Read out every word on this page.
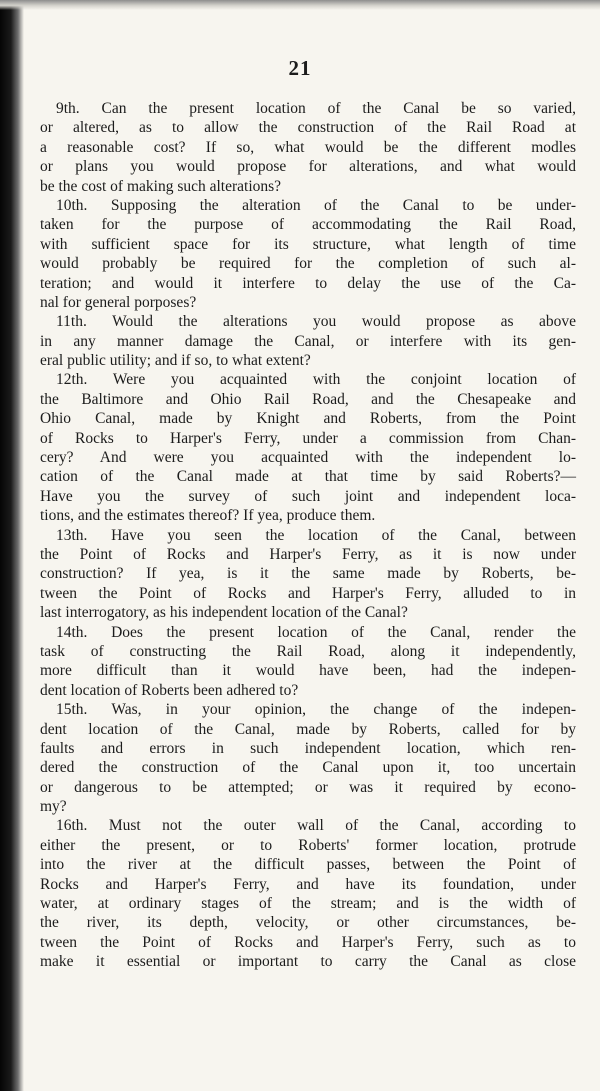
21
9th. Can the present location of the Canal be so varied,
or altered, as to allow the construction of the Rail Road at
a reasonable cost? If so, what would be the different modles
or plans you would propose for alterations, and what would
be the cost of making such alterations?
10th. Supposing the alteration of the Canal to be under-
taken for the purpose of accommodating the Rail Road,
with sufficient space for its structure, what length of time
would probably be required for the completion of such al-
teration; and would it interfere to delay the use of the Ca-
nal for general porposes?
11th. Would the alterations you would propose as above
in any manner damage the Canal, or interfere with its gen-
eral public utility; and if so, to what extent?
12th. Were you acquainted with the conjoint location of
the Baltimore and Ohio Rail Road, and the Chesapeake and
Ohio Canal, made by Knight and Roberts, from the Point
of Rocks to Harper's Ferry, under a commission from Chan-
cery? And were you acquainted with the independent lo-
cation of the Canal made at that time by said Roberts?—
Have you the survey of such joint and independent loca-
tions, and the estimates thereof? If yea, produce them.
13th. Have you seen the location of the Canal, between
the Point of Rocks and Harper's Ferry, as it is now under
construction? If yea, is it the same made by Roberts, be-
tween the Point of Rocks and Harper's Ferry, alluded to in
last interrogatory, as his independent location of the Canal?
14th. Does the present location of the Canal, render the
task of constructing the Rail Road, along it independently,
more difficult than it would have been, had the indepen-
dent location of Roberts been adhered to?
15th. Was, in your opinion, the change of the indepen-
dent location of the Canal, made by Roberts, called for by
faults and errors in such independent location, which ren-
dered the construction of the Canal upon it, too uncertain
or dangerous to be attempted; or was it required by econo-
my?
16th. Must not the outer wall of the Canal, according to
either the present, or to Roberts' former location, protrude
into the river at the difficult passes, between the Point of
Rocks and Harper's Ferry, and have its foundation, under
water, at ordinary stages of the stream; and is the width of
the river, its depth, velocity, or other circumstances, be-
tween the Point of Rocks and Harper's Ferry, such as to
make it essential or important to carry the Canal as close
